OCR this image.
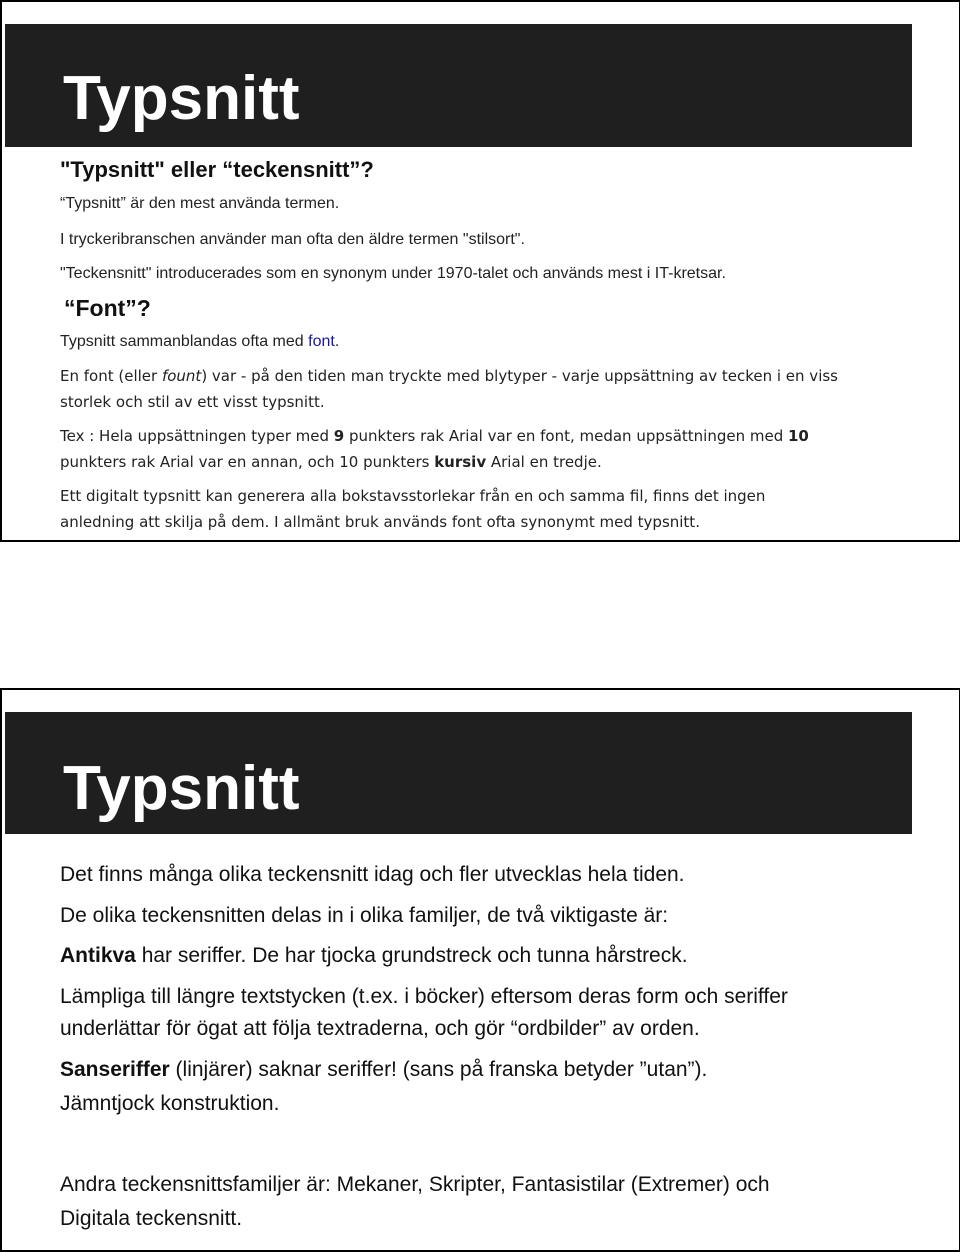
Typsnitt
"Typsnitt" eller “teckensnitt”?
“Typsnitt” är den mest använda termen.
I tryckeribranschen använder man ofta den äldre termen "stilsort".
"Teckensnitt" introducerades som en synonym under 1970-talet och används mest i IT-kretsar.
“Font”?
Typsnitt sammanblandas ofta med font.
En font (eller fount) var - på den tiden man tryckte med blytyper - varje uppsättning av tecken i en viss
storlek och stil av ett visst typsnitt.
Tex : Hela uppsättningen typer med 9 punkters rak Arial var en font, medan uppsättningen med 10
punkters rak Arial var en annan, och 10 punkters kursiv Arial en tredje.
Ett digitalt typsnitt kan generera alla bokstavsstorlekar från en och samma fil, finns det ingen
anledning att skilja på dem. I allmänt bruk används font ofta synonymt med typsnitt.
Typsnitt
Det finns många olika teckensnitt idag och fler utvecklas hela tiden.
De olika teckensnitten delas in i olika familjer, de två viktigaste är:
Antikva har seriffer. De har tjocka grundstreck och tunna hårstreck.
Lämpliga till längre textstycken (t.ex. i böcker) eftersom deras form och seriffer
underlättar för ögat att följa textraderna, och gör “ordbilder” av orden.
Sanseriffer (linjärer) saknar seriffer! (sans på franska betyder ”utan”).
Jämntjock konstruktion.
Andra teckensnittsfamiljer är: Mekaner, Skripter, Fantasistilar (Extremer) och
Digitala teckensnitt.
